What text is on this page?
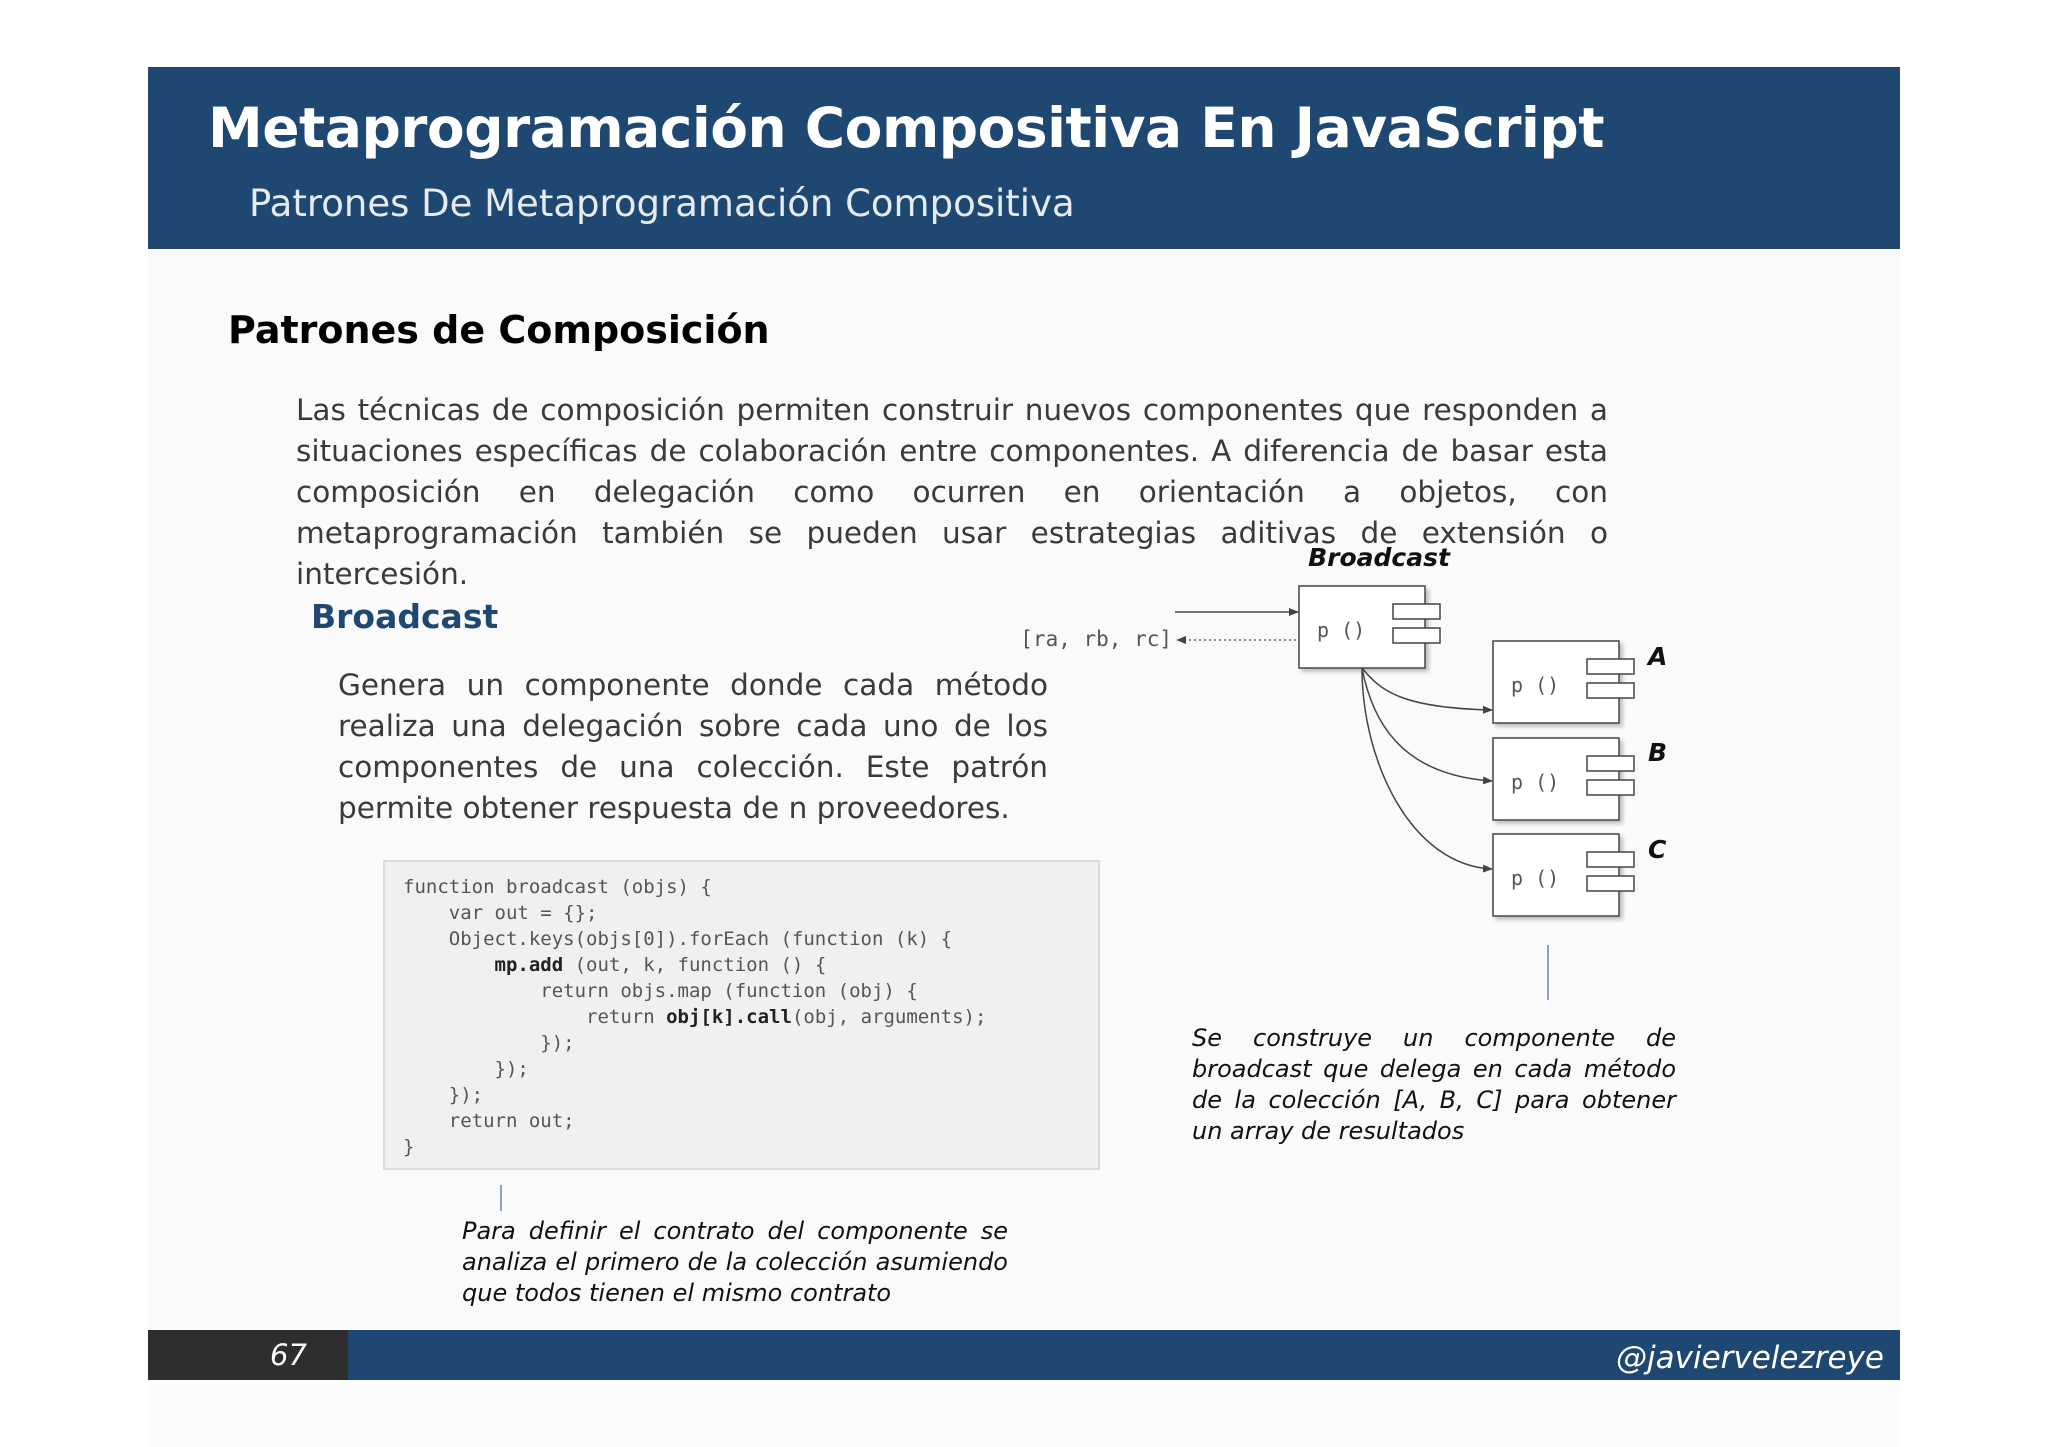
Metaprogramación Compositiva En JavaScript
Patrones De Metaprogramación Compositiva
Patrones de Composición

Las técnicas de composición permiten construir nuevos componentes que responden a situaciones específicas de colaboración entre componentes. A diferencia de basar esta composición en delegación como ocurren en orientación a objetos, con metaprogramación también se pueden usar estrategias aditivas de extensión o intercesión.

Broadcast

Genera un componente donde cada método realiza una delegación sobre cada uno de los componentes de una colección. Este patrón permite obtener respuesta de n proveedores.

function broadcast (objs) {
var out = {};
Object.keys(objs[0]).forEach (function (k) {
mp.add (out, k, function () {
return objs.map (function (obj) {
return obj[k].call(obj, arguments);
});
});
});
return out;
}

Para definir el contrato del componente se analiza el primero de la colección asumiendo que todos tienen el mismo contrato

Broadcast
[ra, rb, rc]	p ()
p ()
A
p ()
B
p ()
C

Se construye un componente de broadcast que delega en cada método de la colección [A, B, C] para obtener un array de resultados

67	@javiervelezreye
